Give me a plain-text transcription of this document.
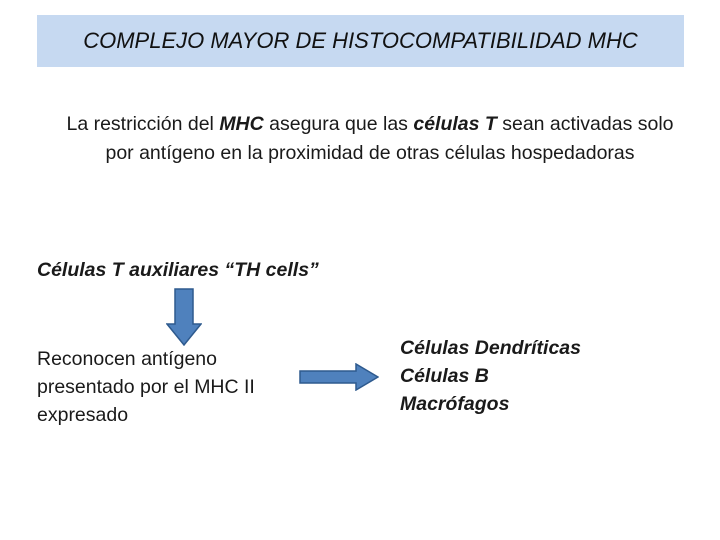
COMPLEJO MAYOR DE HISTOCOMPATIBILIDAD MHC
La restricción del MHC asegura que las células T sean activadas solo por antígeno en la proximidad de otras células hospedadoras
Células T auxiliares “TH cells”
Reconocen antígeno presentado por el MHC II expresado
Células Dendríticas
Células B
Macrófagos
